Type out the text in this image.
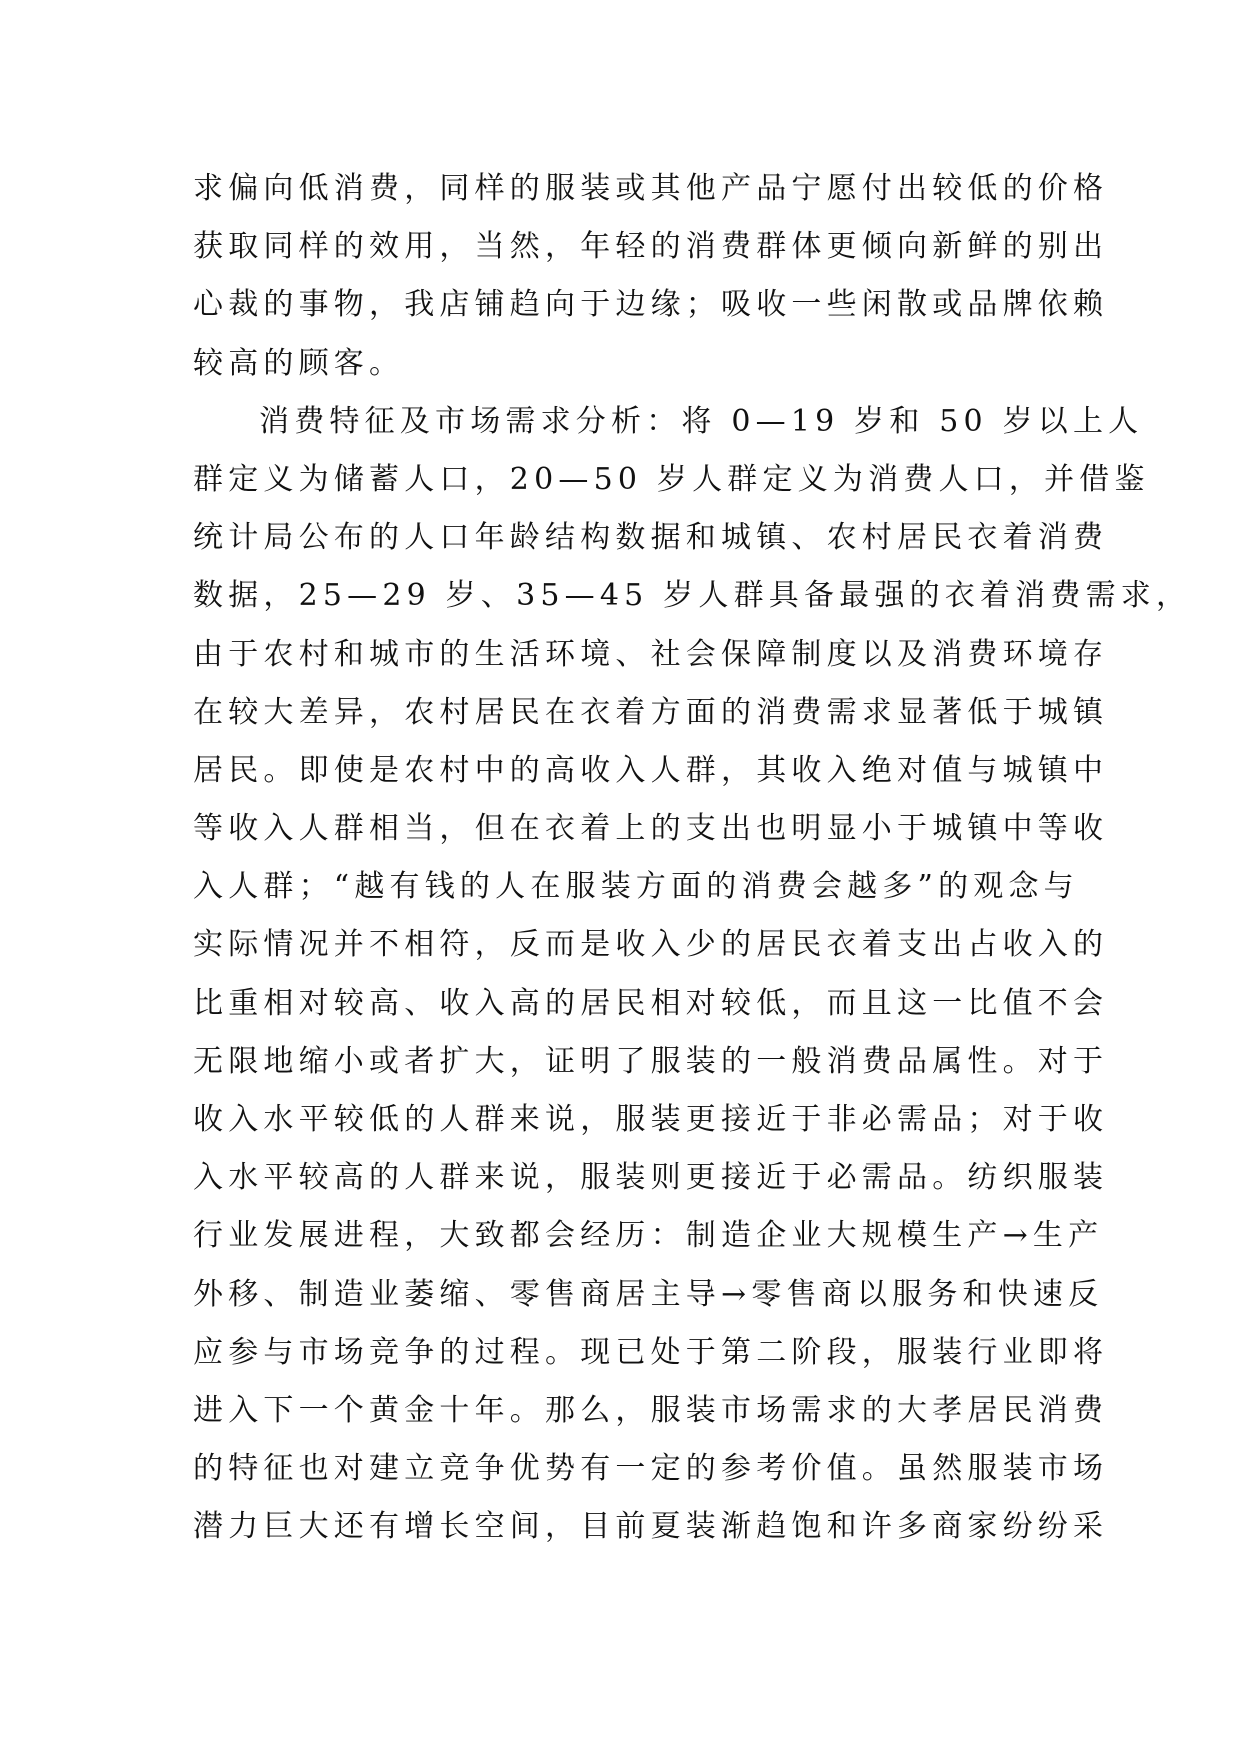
求偏向低消费，同样的服装或其他产品宁愿付出较低的价格
获取同样的效用，当然，年轻的消费群体更倾向新鲜的别出
心裁的事物，我店铺趋向于边缘；吸收一些闲散或品牌依赖
较高的顾客。
消费特征及市场需求分析：将 0—19 岁和 50 岁以上人
群定义为储蓄人口，20—50 岁人群定义为消费人口，并借鉴
统计局公布的人口年龄结构数据和城镇、农村居民衣着消费
数据，25—29 岁、35—45 岁人群具备最强的衣着消费需求，
由于农村和城市的生活环境、社会保障制度以及消费环境存
在较大差异，农村居民在衣着方面的消费需求显著低于城镇
居民。即使是农村中的高收入人群，其收入绝对值与城镇中
等收入人群相当，但在衣着上的支出也明显小于城镇中等收
入人群；“越有钱的人在服装方面的消费会越多”的观念与
实际情况并不相符，反而是收入少的居民衣着支出占收入的
比重相对较高、收入高的居民相对较低，而且这一比值不会
无限地缩小或者扩大，证明了服装的一般消费品属性。对于
收入水平较低的人群来说，服装更接近于非必需品；对于收
入水平较高的人群来说，服装则更接近于必需品。纺织服装
行业发展进程，大致都会经历：制造企业大规模生产→生产
外移、制造业萎缩、零售商居主导→零售商以服务和快速反
应参与市场竞争的过程。现已处于第二阶段，服装行业即将
进入下一个黄金十年。那么，服装市场需求的大孝居民消费
的特征也对建立竞争优势有一定的参考价值。虽然服装市场
潜力巨大还有增长空间，目前夏装渐趋饱和许多商家纷纷采
